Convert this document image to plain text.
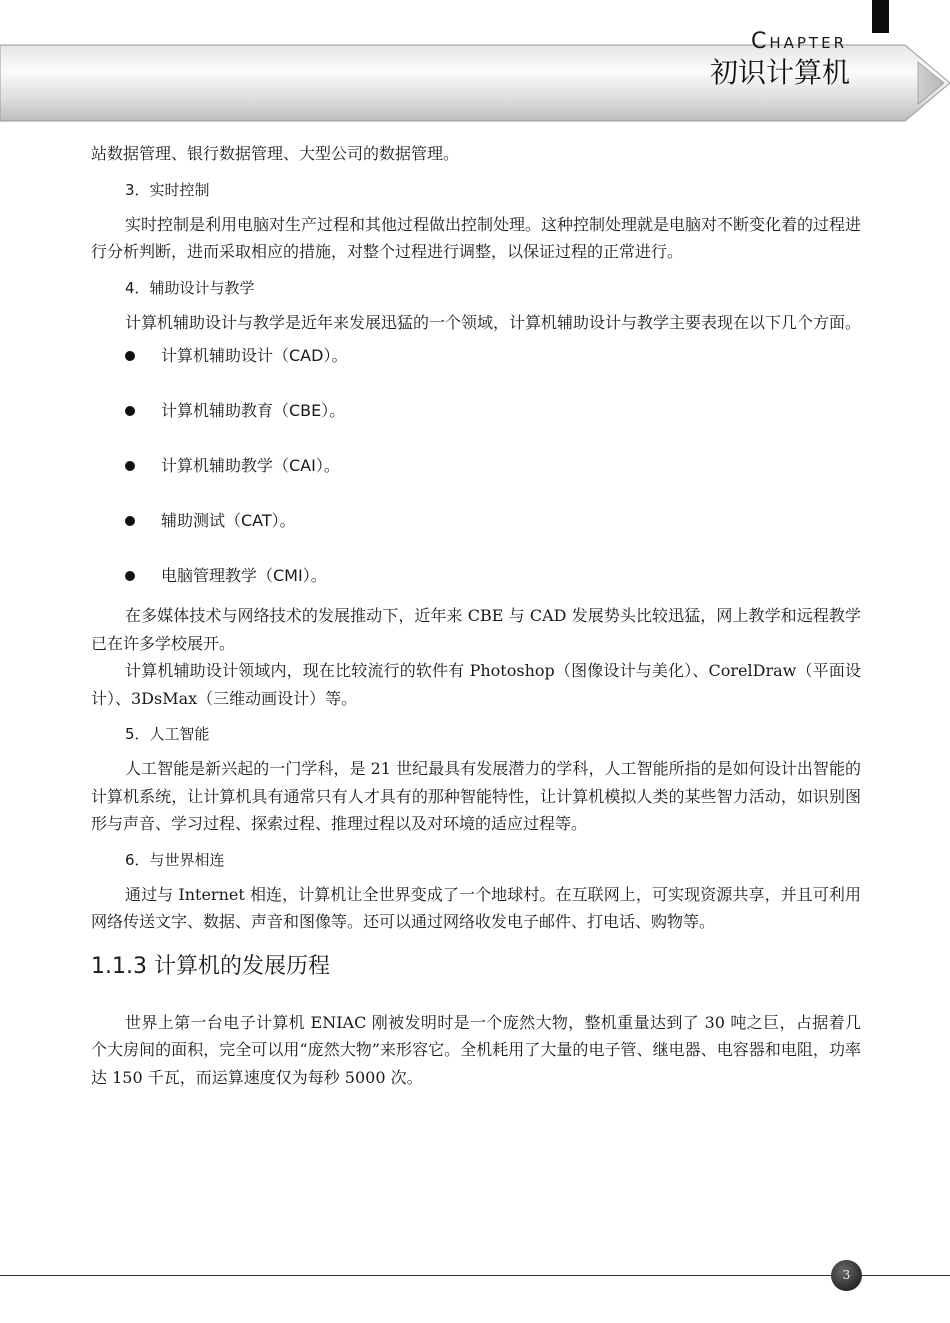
Chapter
初识计算机

站数据管理、银行数据管理、大型公司的数据管理。

3．实时控制

实时控制是利用电脑对生产过程和其他过程做出控制处理。这种控制处理就是电脑对不断变化着的过程进行分析判断，进而采取相应的措施，对整个过程进行调整，以保证过程的正常进行。

4．辅助设计与教学

计算机辅助设计与教学是近年来发展迅猛的一个领域，计算机辅助设计与教学主要表现在以下几个方面。

计算机辅助设计（CAD）。
计算机辅助教育（CBE）。
计算机辅助教学（CAI）。
辅助测试（CAT）。
电脑管理教学（CMI）。

在多媒体技术与网络技术的发展推动下，近年来 CBE 与 CAD 发展势头比较迅猛，网上教学和远程教学已在许多学校展开。

计算机辅助设计领域内，现在比较流行的软件有 Photoshop（图像设计与美化）、CorelDraw（平面设计）、3DsMax（三维动画设计）等。

5．人工智能

人工智能是新兴起的一门学科，是 21 世纪最具有发展潜力的学科，人工智能所指的是如何设计出智能的计算机系统，让计算机具有通常只有人才具有的那种智能特性，让计算机模拟人类的某些智力活动，如识别图形与声音、学习过程、探索过程、推理过程以及对环境的适应过程等。

6．与世界相连

通过与 Internet 相连，计算机让全世界变成了一个地球村。在互联网上，可实现资源共享，并且可利用网络传送文字、数据、声音和图像等。还可以通过网络收发电子邮件、打电话、购物等。

1.1.3 计算机的发展历程

世界上第一台电子计算机 ENIAC 刚被发明时是一个庞然大物，整机重量达到了 30 吨之巨，占据着几个大房间的面积，完全可以用“庞然大物”来形容它。全机耗用了大量的电子管、继电器、电容器和电阻，功率达 150 千瓦，而运算速度仅为每秒 5000 次。

3
